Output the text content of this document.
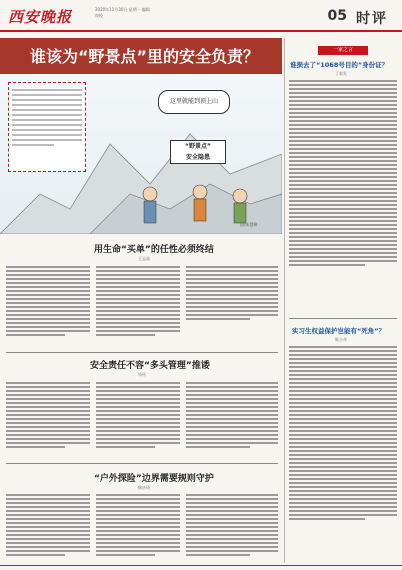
西安晚报	2020年11月30日 星期一 编辑 审校	05 时评
谁该为“野景点”里的安全负责？
这里就能到顶上山
“野景点”
安全隐患
图/朱慧卿
用生命“买单”的任性必须终结
王志高
安全责任不容“多头管理”推诿
毕传
“户外探险”边界需要规则守护
韩庆琦
一家之言
谁损去了“1068号目的”身份证？
丁家发
实习生权益保护岂能有“死角”？
陈小奇
